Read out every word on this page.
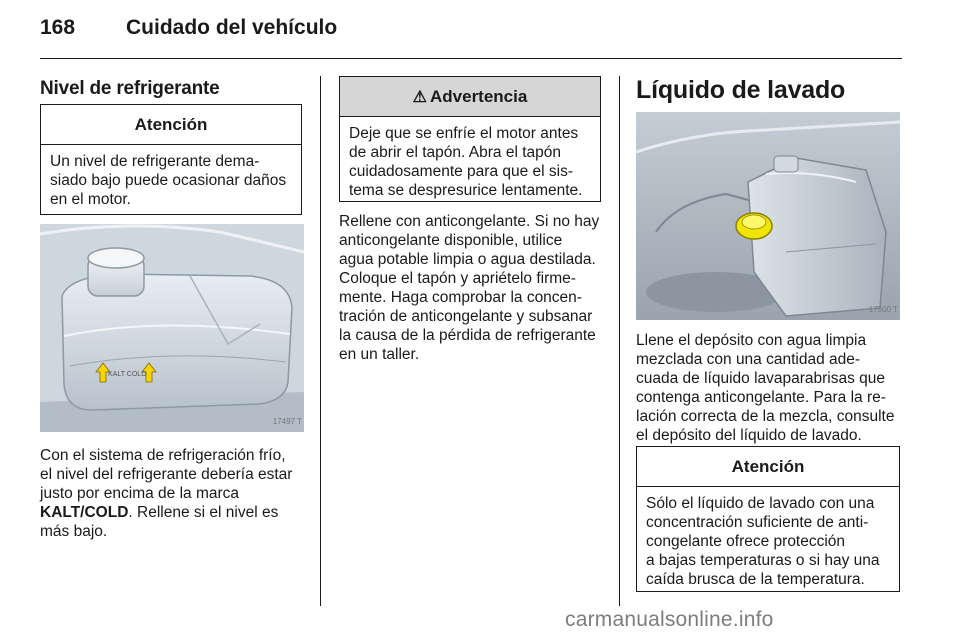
168	Cuidado del vehículo
Nivel de refrigerante
Atención
Un nivel de refrigerante dema-
siado bajo puede ocasionar daños
en el motor.
KALT COLD
17497 T
Con el sistema de refrigeración frío,
el nivel del refrigerante debería estar
justo por encima de la marca
KALT/COLD. Rellene si el nivel es
más bajo.
⚠ Advertencia
Deje que se enfríe el motor antes
de abrir el tapón. Abra el tapón
cuidadosamente para que el sis-
tema se despresurice lentamente.
Rellene con anticongelante. Si no hay
anticongelante disponible, utilice
agua potable limpia o agua destilada.
Coloque el tapón y apriételo firme-
mente. Haga comprobar la concen-
tración de anticongelante y subsanar
la causa de la pérdida de refrigerante
en un taller.
Líquido de lavado
17500 T
Llene el depósito con agua limpia
mezclada con una cantidad ade-
cuada de líquido lavaparabrisas que
contenga anticongelante. Para la re-
lación correcta de la mezcla, consulte
el depósito del líquido de lavado.
Atención
Sólo el líquido de lavado con una
concentración suficiente de anti-
congelante ofrece protección
a bajas temperaturas o si hay una
caída brusca de la temperatura.
carmanualsonline.info
